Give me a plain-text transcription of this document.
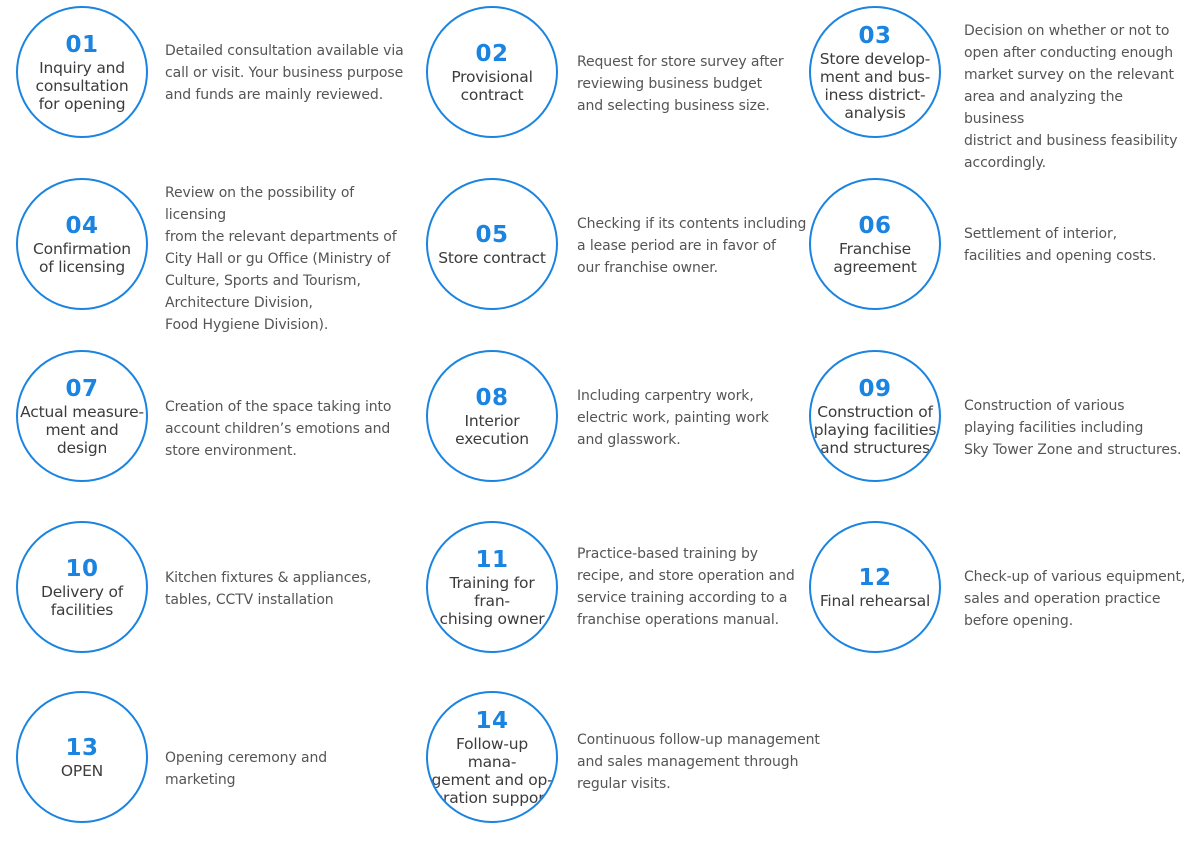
01
Inquiry and
consultation
for opening
Detailed consultation available via
call or visit. Your business purpose
and funds are mainly reviewed.
02
Provisional
contract
Request for store survey after
reviewing business budget
and selecting business size.
03
Store develop-
ment and bus-
iness district-
analysis
Decision on whether or not to
open after conducting enough
market survey on the relevant
area and analyzing the business
district and business feasibility
accordingly.
04
Confirmation
of licensing
Review on the possibility of licensing
from the relevant departments of
City Hall or gu Office (Ministry of
Culture, Sports and Tourism,
Architecture Division,
Food Hygiene Division).
05
Store contract
Checking if its contents including
a lease period are in favor of
our franchise owner.
06
Franchise
agreement
Settlement of interior,
facilities and opening costs.
07
Actual measure-
ment and
design
Creation of the space taking into
account children’s emotions and
store environment.
08
Interior
execution
Including carpentry work,
electric work, painting work
and glasswork.
09
Construction of
playing facilities
and structures
Construction of various
playing facilities including
Sky Tower Zone and structures.
10
Delivery of
facilities
Kitchen fixtures & appliances,
tables, CCTV installation
11
Training for fran-
chising owner
Practice-based training by
recipe, and store operation and
service training according to a
franchise operations manual.
12
Final rehearsal
Check-up of various equipment,
sales and operation practice
before opening.
13
OPEN
Opening ceremony and
marketing
14
Follow-up mana-
gement and op-
eration support
Continuous follow-up management
and sales management through
regular visits.
